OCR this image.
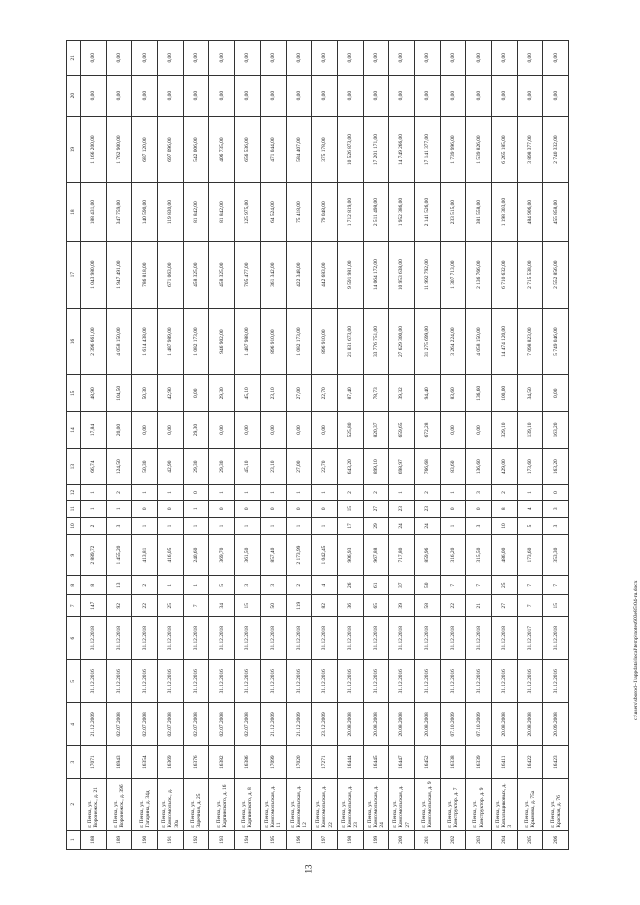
13
1	2	3	4	5	6	7	8	9	10	11	12	13	14	15	16	17	18	19	20	21
188	г. Пенза, ул. Воронежск., д. 21	17071	21.12.2009	31.12.2016	31.12.2018	147	8	2 889,72	2	1	1	66,74	17,84	48,90	2 396 661,00	1 043 980,00	188 431,00	1 166 200,00	0,00	0,00
189	г. Пенза, ул. Воронежск., д. 39б	16943	02.07.2008	31.12.2016	31.12.2018	92	13	1 455,20	3	1	2	124,50	20,00	104,50	4 058 150,00	1 947 491,00	347 759,00	1 762 900,00	0,00	0,00
190	г. Пенза, ул. Гагарина, д. 34д	16354	02.07.2008	31.12.2016	31.12.2018	22	2	413,81	1	0	1	50,30	0,00	50,30	1 614 438,00	786 818,00	140 590,00	687 120,00	0,00	0,00
191	г. Пенза, ул. Комсомольск., д. 30а	16369	02.07.2008	31.12.2016	31.12.2018	25	1	416,05	1	0	1	42,90	0,00	42,90	1 487 989,00	671 063,00	119 830,00	697 096,00	0,00	0,00
192	г. Пенза, ул. Заречная, д. 25	16376	02.07.2008	31.12.2016	31.12.2018	7	1	240,60	1	1	0	29,30	29,30	0,00	1 082 173,00	458 325,00	81 842,00	542 006,00	0,00	0,00
193	г. Пенза, ул. Карпинского, д. 16	16382	02.07.2008	31.12.2016	31.12.2018	34	5	369,70	1	0	1	29,30	0,00	29,30	946 902,00	458 325,00	81 842,00	406 735,00	0,00	0,00
194	г. Пенза, ул. Карпинского, д. 8	16386	02.07.2008	31.12.2016	31.12.2018	15	3	361,50	1	0	1	45,10	0,00	45,10	1 487 988,00	705 477,00	125 975,00	656 536,00	0,00	0,00
195	г. Пенза, ул. Комсомольская, д. 11	17099	21.12.2009	31.12.2016	31.12.2018	50	3	857,40	1	0	1	23,10	0,00	23,10	896 910,00	361 342,00	64 524,00	471 044,00	0,00	0,00
196	г. Пенза, ул. Комсомольская, д. 12	17020	21.12.2009	31.12.2016	31.12.2018	119	2	2 173,99	1	0	1	27,00	0,00	27,00	1 082 173,00	422 348,00	75 418,00	584 407,00	0,00	0,00
197	г. Пенза, ул. Комсомольская, д. 22	17271	23.12.2009	31.12.2016	31.12.2018	82	4	1 042,45	1	0	1	22,70	0,00	22,70	896 910,00	442 683,00	79 048,00	375 178,00	0,00	0,00
198	г. Пенза, ул. Комсомольская, д. 23	16444	20.08.2008	31.12.2016	31.12.2018	36	26	906,93	17	15	2	643,20	525,80	87,40	21 831 673,00	9 591 981,00	1 712 819,00	10 526 873,00	0,00	0,00
199	г. Пенза, ул. Комсомольская, д. 24	16445	20.08.2008	31.12.2016	31.12.2018	65	61	967,88	29	27	2	899,10	820,37	78,73	33 776 751,00	14 064 172,00	2 511 498,00	17 201 171,00	0,00	0,00
200	г. Пенза, ул. Комсомольская, д. 27	16447	20.08.2008	31.12.2016	31.12.2018	39	37	717,80	24	23	1	698,97	659,65	39,32	27 629 300,00	10 953 638,00	1 952 386,00	14 749 266,00	0,00	0,00
201	г. Пенза, ул. Комсомольская, д. 9	16452	20.08.2008	31.12.2016	31.12.2018	58	50	859,96	24	23	2	766,68	672,28	94,40	31 275 699,00	11 992 792,00	2 141 526,00	17 141 377,00	0,00	0,00
202	г. Пенза, ул. Конструктор. д. 7	16338	07.10.2009	31.12.2016	31.12.2018	22	7	316,20	1	0	1	83,60	0,00	83,60	3 264 224,00	1 307 713,00	233 515,00	1 739 996,00	0,00	0,00
203	г. Пенза, ул. Конструктор. д. 9	16339	07.10.2009	31.12.2016	31.12.2018	21	7	315,50	3	0	3	136,60	0,00	136,60	4 058 150,00	2 136 766,00	381 558,00	1 539 826,00	0,00	0,00
204	г. Пенза, ул. Копальщиковых, д. 3	16411	20.08.2008	31.12.2016	31.12.2018	27	25	486,00	10	8	2	429,00	329,10	100,00	14 474 120,00	6 710 632,00	1 198 303,00	6 265 185,00	0,00	0,00
205	г. Пенза, ул. Крымова, д. 75а	16422	20.08.2008	31.12.2016	31.12.2017	7	7	173,60	5	4	1	173,60	139,10	34,50	7 098 823,00	2 715 538,00	484 906,00	3 898 377,00	0,00	0,00
206	г. Пенза, ул. Красная, д. 76	16423	20.09.2008	31.12.2016	31.12.2018	15	7	353,30	3	3	0	163,20	163,20	0,00	5 749 046,00	2 552 856,00	455 858,00	2 740 332,00	0,00	0,00
c:\users\sborod~1\appdata\local\temp\notes603e85\04-ru.docx
